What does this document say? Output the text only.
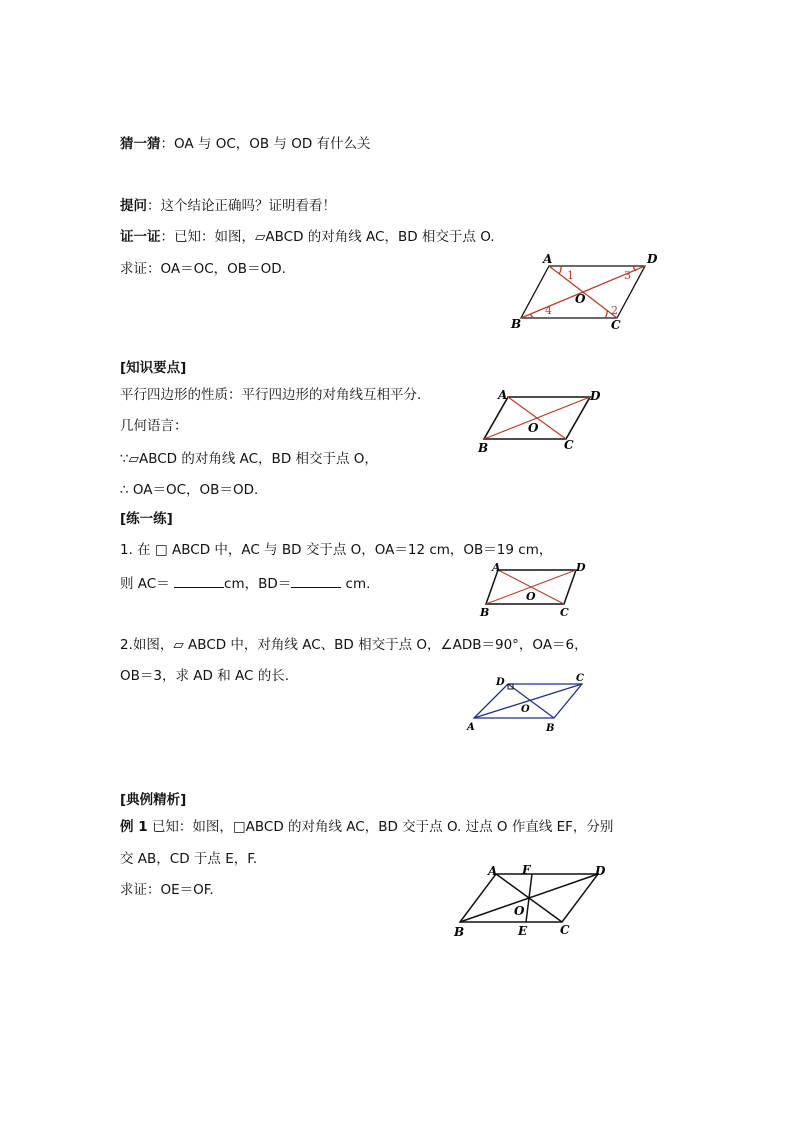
猜一猜：OA 与 OC，OB 与 OD 有什么关
提问：这个结论正确吗？证明看看！
证一证：已知：如图，▱ABCD 的对角线 AC，BD 相交于点 O.
求证：OA＝OC，OB＝OD.
A	D
B	C
O
1
2
3
4
[知识要点]
平行四边形的性质：平行四边形的对角线互相平分.
几何语言：
∵▱ABCD 的对角线 AC，BD 相交于点 O，
∴ OA＝OC，OB＝OD.
A	D
B	C
O
[练一练]
1. 在 □ ABCD 中，AC 与 BD 交于点 O，OA＝12 cm，OB＝19 cm，
则 AC＝	cm，BD＝	cm.
A	D
B	C
O
2.如图，▱ ABCD 中，对角线 AC、BD 相交于点 O，∠ADB＝90°，OA＝6，
OB＝3，求 AD 和 AC 的长.	D	C
A	B
O
[典例精析]
例 1 已知：如图，□ABCD 的对角线 AC，BD 交于点 O. 过点 O 作直线 EF，分别
交 AB，CD 于点 E，F.
求证：OE＝OF.
A F	D
B	E	C
O
